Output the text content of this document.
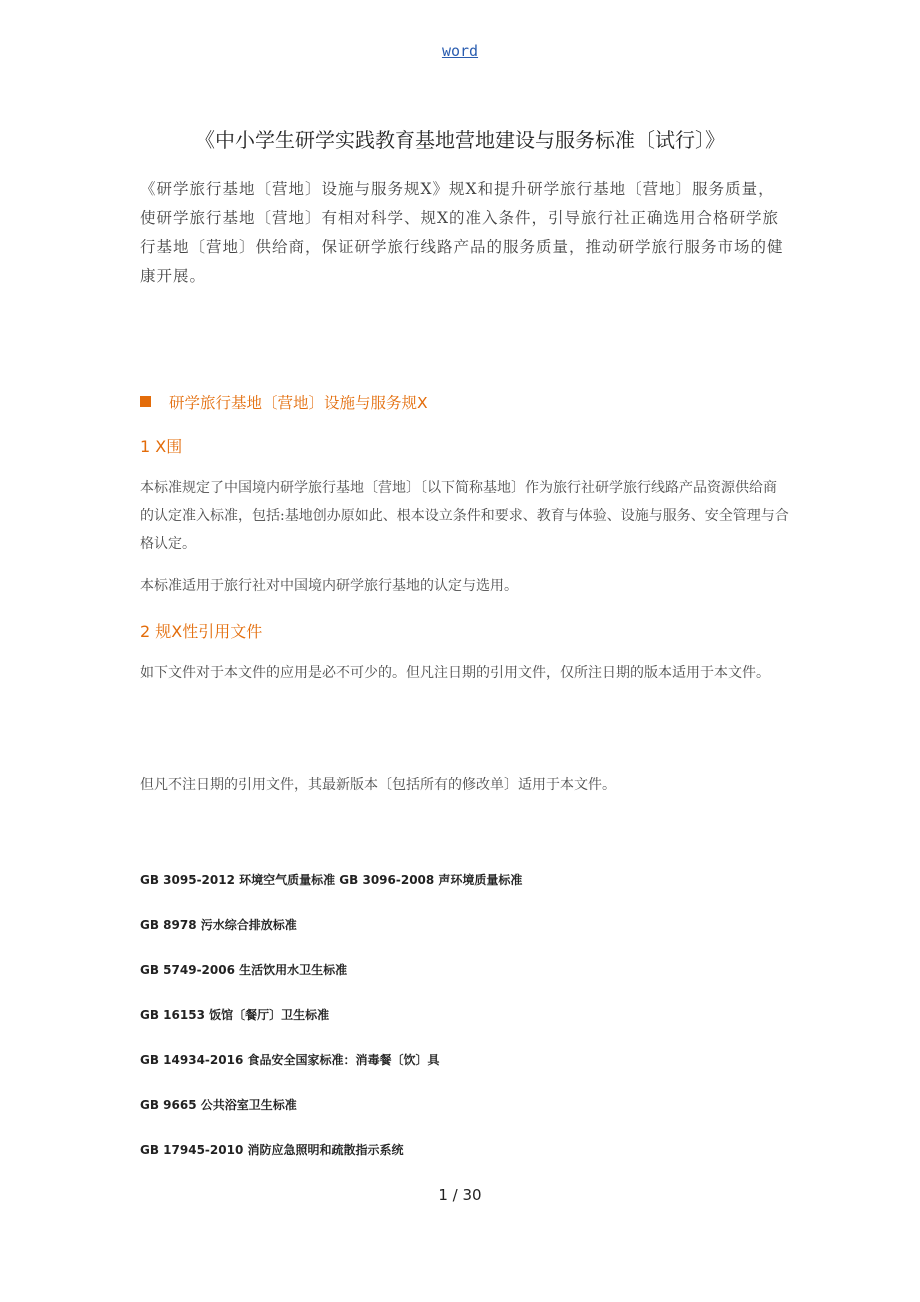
word
《中小学生研学实践教育基地营地建设与服务标准〔试行〕》

《研学旅行基地〔营地〕设施与服务规X》规X和提升研学旅行基地〔营地〕服务质量，使研学旅行基地〔营地〕有相对科学、规X的准入条件，引导旅行社正确选用合格研学旅行基地〔营地〕供给商，保证研学旅行线路产品的服务质量，推动研学旅行服务市场的健康开展。

研学旅行基地〔营地〕设施与服务规X
1 X围

本标准规定了中国境内研学旅行基地〔营地〕〔以下简称基地〕作为旅行社研学旅行线路产品资源供给商的认定准入标准，包括:基地创办原如此、根本设立条件和要求、教育与体验、设施与服务、安全管理与合格认定。

本标准适用于旅行社对中国境内研学旅行基地的认定与选用。

2 规X性引用文件

如下文件对于本文件的应用是必不可少的。但凡注日期的引用文件，仅所注日期的版本适用于本文件。

但凡不注日期的引用文件，其最新版本〔包括所有的修改单〕适用于本文件。

GB 3095-2012 环境空气质量标准 GB 3096-2008 声环境质量标准
GB 8978 污水综合排放标准
GB 5749-2006 生活饮用水卫生标准
GB 16153 饭馆〔餐厅〕卫生标准
GB 14934-2016 食品安全国家标准：消毒餐〔饮〕具
GB 9665 公共浴室卫生标准
GB 17945-2010 消防应急照明和疏散指示系统
1 / 30
